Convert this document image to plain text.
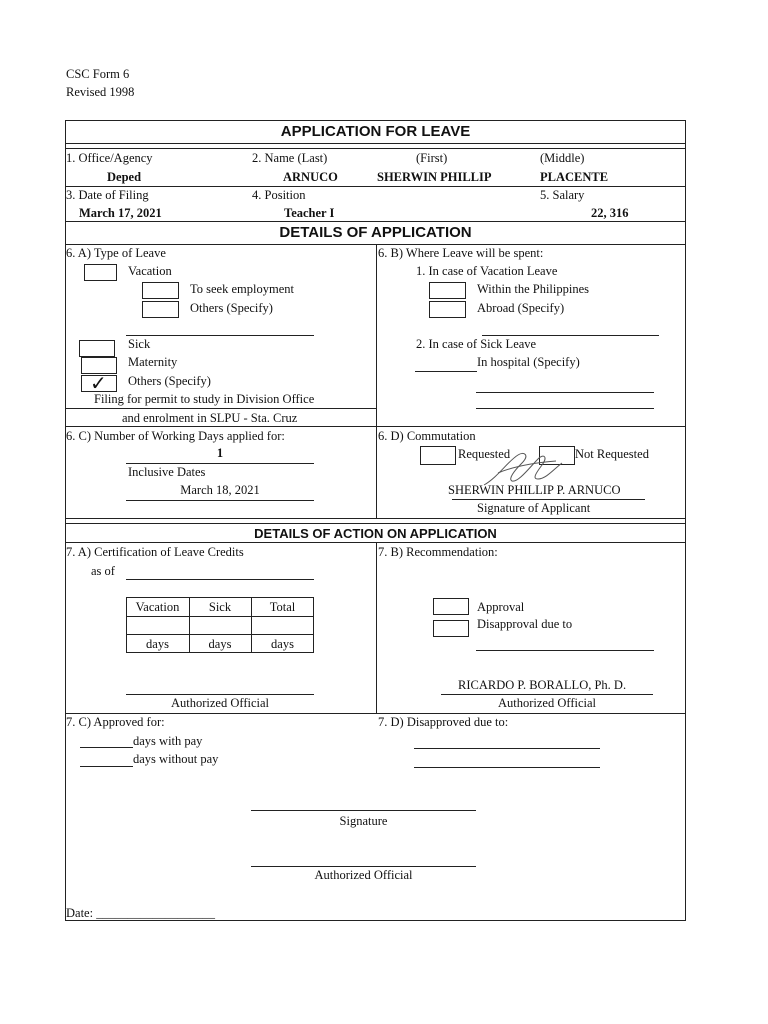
CSC Form 6
Revised 1998
APPLICATION FOR LEAVE
1. Office/Agency	2. Name (Last)	(First)	(Middle)
Deped	ARNUCO	SHERWIN PHILLIP	PLACENTE
3. Date of Filing	4. Position	5. Salary
March 17, 2021	Teacher I	22, 316
DETAILS OF APPLICATION
6. A) Type of Leave
Vacation
To seek employment
Others (Specify)
Sick
Maternity
✓ Others (Specify)
Filing for permit to study in Division Office
and enrolment in SLPU - Sta. Cruz
6. B) Where Leave will be spent:
1. In case of Vacation Leave
Within the Philippines
Abroad (Specify)
2. In case of Sick Leave
In hospital (Specify)
6. C) Number of Working Days applied for:
1
Inclusive Dates
March 18, 2021
6. D) Commutation
Requested	Not Requested
SHERWIN PHILLIP P. ARNUCO
Signature of Applicant
DETAILS OF ACTION ON APPLICATION
7. A) Certification of Leave Credits
as of
Vacation	Sick	Total
days	days	days
Authorized Official
7. B) Recommendation:
Approval
Disapproval due to
RICARDO P. BORALLO, Ph. D.
Authorized Official
7. C) Approved for:
days with pay
days without pay
7. D) Disapproved due to:
Signature
Authorized Official
Date: ___________________
